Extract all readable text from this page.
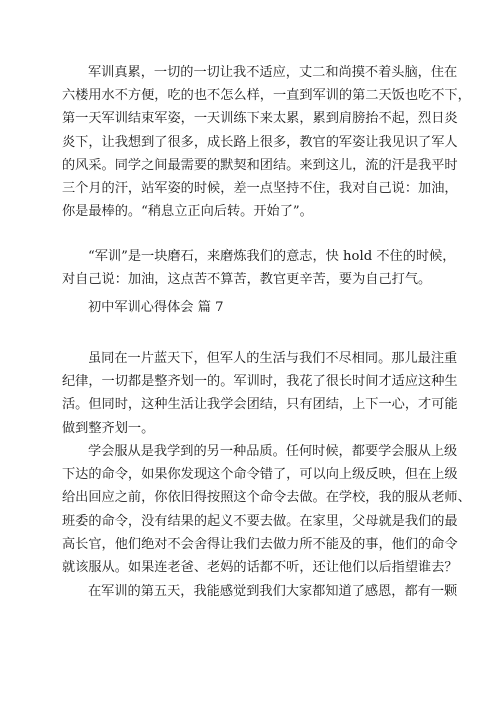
军训真累，一切的一切让我不适应，丈二和尚摸不着头脑，住在
六楼用水不方便，吃的也不怎么样，一直到军训的第二天饭也吃不下，
第一天军训结束军姿，一天训练下来太累，累到肩膀抬不起，烈日炎
炎下，让我想到了很多，成长路上很多，教官的军姿让我见识了军人
的风采。同学之间最需要的默契和团结。来到这儿，流的汗是我平时
三个月的汗，站军姿的时候，差一点坚持不住，我对自己说：加油，
你是最棒的。“稍息立正向后转。开始了”。
“军训”是一块磨石，来磨炼我们的意志，快 hold 不住的时候，
对自己说：加油，这点苦不算苦，教官更辛苦，要为自己打气。
初中军训心得体会 篇 7
虽同在一片蓝天下，但军人的生活与我们不尽相同。那儿最注重
纪律，一切都是整齐划一的。军训时，我花了很长时间才适应这种生
活。但同时，这种生活让我学会团结，只有团结，上下一心，才可能
做到整齐划一。
学会服从是我学到的另一种品质。任何时候，都要学会服从上级
下达的命令，如果你发现这个命令错了，可以向上级反映，但在上级
给出回应之前，你依旧得按照这个命令去做。在学校，我的服从老师、
班委的命令，没有结果的起义不要去做。在家里，父母就是我们的最
高长官，他们绝对不会舍得让我们去做力所不能及的事，他们的命令
就该服从。如果连老爸、老妈的话都不听，还让他们以后指望谁去？
在军训的第五天，我能感觉到我们大家都知道了感恩，都有一颗
